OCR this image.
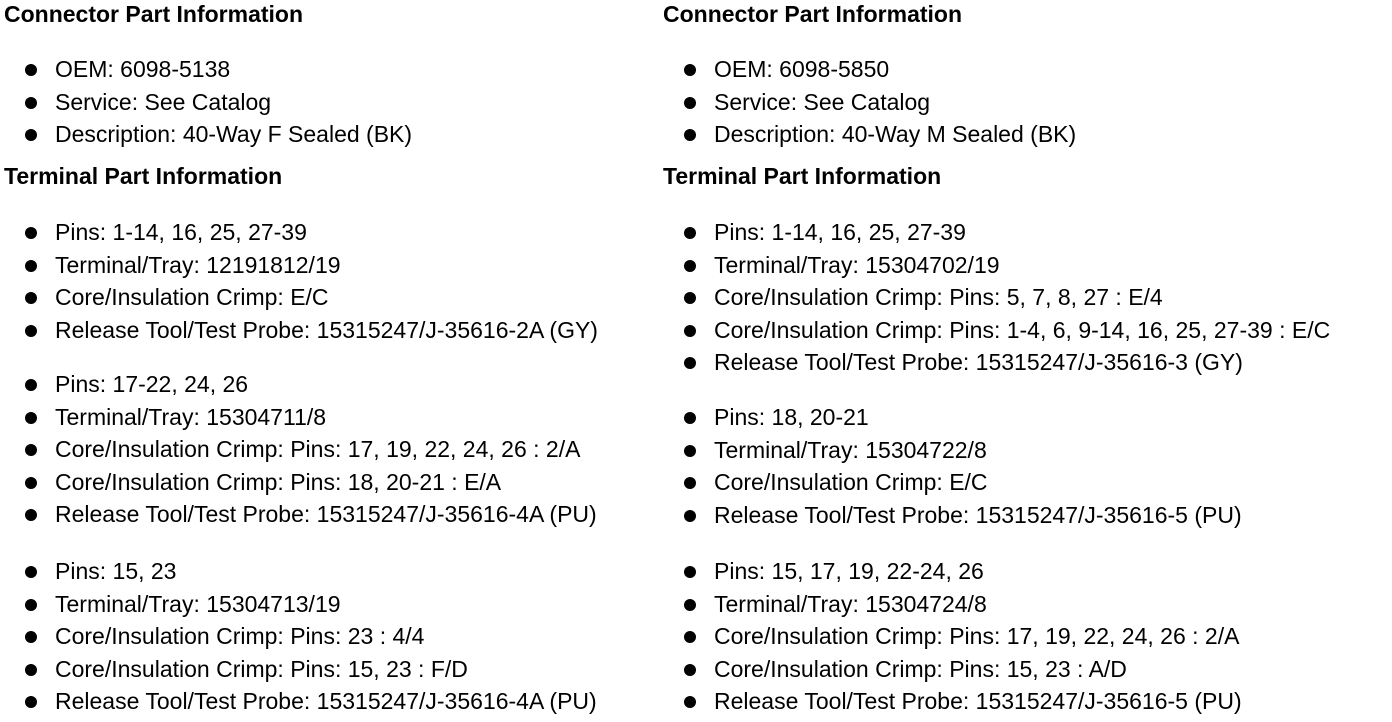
Connector Part Information
OEM: 6098-5138
Service: See Catalog
Description: 40-Way F Sealed (BK)
Terminal Part Information
Pins: 1-14, 16, 25, 27-39
Terminal/Tray: 12191812/19
Core/Insulation Crimp: E/C
Release Tool/Test Probe: 15315247/J-35616-2A (GY)
Pins: 17-22, 24, 26
Terminal/Tray: 15304711/8
Core/Insulation Crimp: Pins: 17, 19, 22, 24, 26 : 2/A
Core/Insulation Crimp: Pins: 18, 20-21 : E/A
Release Tool/Test Probe: 15315247/J-35616-4A (PU)
Pins: 15, 23
Terminal/Tray: 15304713/19
Core/Insulation Crimp: Pins: 23 : 4/4
Core/Insulation Crimp: Pins: 15, 23 : F/D
Release Tool/Test Probe: 15315247/J-35616-4A (PU)
Connector Part Information
OEM: 6098-5850
Service: See Catalog
Description: 40-Way M Sealed (BK)
Terminal Part Information
Pins: 1-14, 16, 25, 27-39
Terminal/Tray: 15304702/19
Core/Insulation Crimp: Pins: 5, 7, 8, 27 : E/4
Core/Insulation Crimp: Pins: 1-4, 6, 9-14, 16, 25, 27-39 : E/C
Release Tool/Test Probe: 15315247/J-35616-3 (GY)
Pins: 18, 20-21
Terminal/Tray: 15304722/8
Core/Insulation Crimp: E/C
Release Tool/Test Probe: 15315247/J-35616-5 (PU)
Pins: 15, 17, 19, 22-24, 26
Terminal/Tray: 15304724/8
Core/Insulation Crimp: Pins: 17, 19, 22, 24, 26 : 2/A
Core/Insulation Crimp: Pins: 15, 23 : A/D
Release Tool/Test Probe: 15315247/J-35616-5 (PU)
